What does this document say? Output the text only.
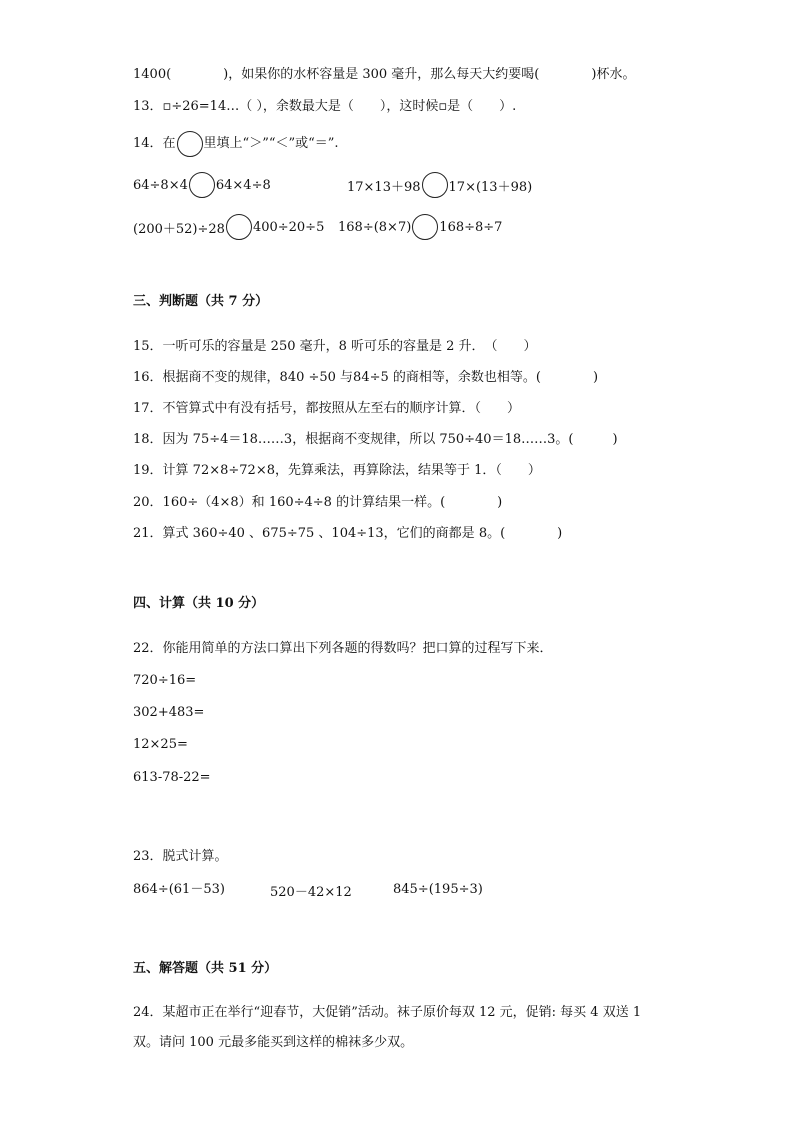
1400(　　　　)，如果你的水杯容量是 300 毫升，那么每天大约要喝(　　　　)杯水。
13．▫÷26=14…（ ），余数最大是（　　），这时候▫是（　　）.
14．在 里填上“＞”“＜”或“＝”.
64÷8×4 64×4÷8	17×13＋98 17×(13＋98)
(200＋52)÷28 400÷20÷5 168÷(8×7) 168÷8÷7
三、判断题（共 7 分）
15．一听可乐的容量是 250 毫升，8 听可乐的容量是 2 升．　（　　）
16．根据商不变的规律，840 ÷50 与84÷5 的商相等，余数也相等。(　　　　)
17．不管算式中有没有括号，都按照从左至右的顺序计算．（　　）
18．因为 75÷4＝18……3，根据商不变规律，所以 750÷40＝18……3。(　　　)
19．计算 72×8÷72×8，先算乘法，再算除法，结果等于 1．（　　）
20．160÷（4×8）和 160÷4÷8 的计算结果一样。(　　　　)
21．算式 360÷40 、675÷75 、104÷13，它们的商都是 8。(　　　　)
四、计算（共 10 分）
22．你能用简单的方法口算出下列各题的得数吗？把口算的过程写下来．
720÷16=
302+483=
12×25=
613-78-22=
23．脱式计算。
864÷(61－53)	520－42×12	845÷(195÷3)
五、解答题（共 51 分）
24．某超市正在举行“迎春节，大促销”活动。袜子原价每双 12 元，促销: 每买 4 双送 1
双。请问 100 元最多能买到这样的棉袜多少双。
